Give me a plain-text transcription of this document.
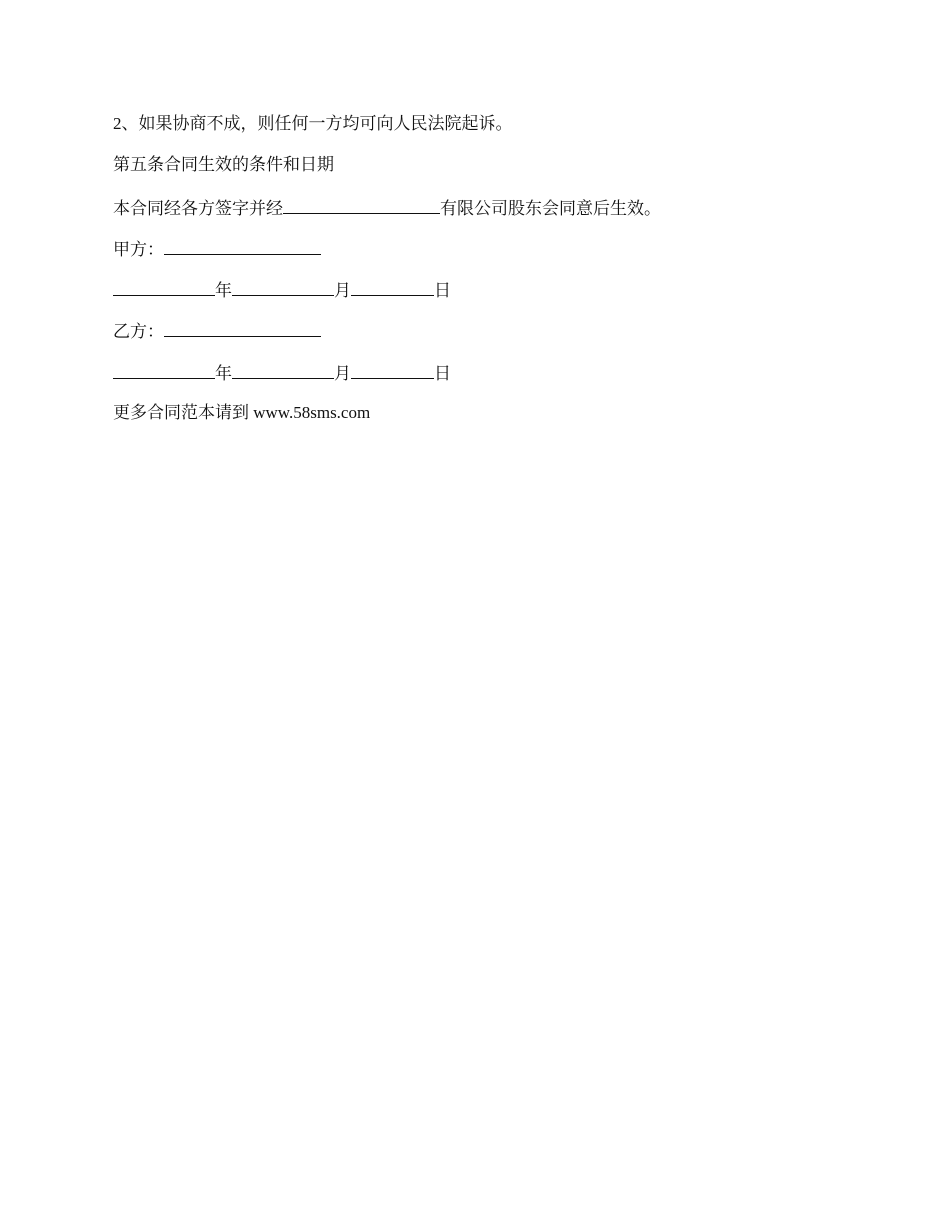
2、如果协商不成，则任何一方均可向人民法院起诉。
第五条合同生效的条件和日期
本合同经各方签字并经	有限公司股东会同意后生效。
甲方：
年	月	日
乙方：
年	月	日
更多合同范本请到 www.58sms.com
